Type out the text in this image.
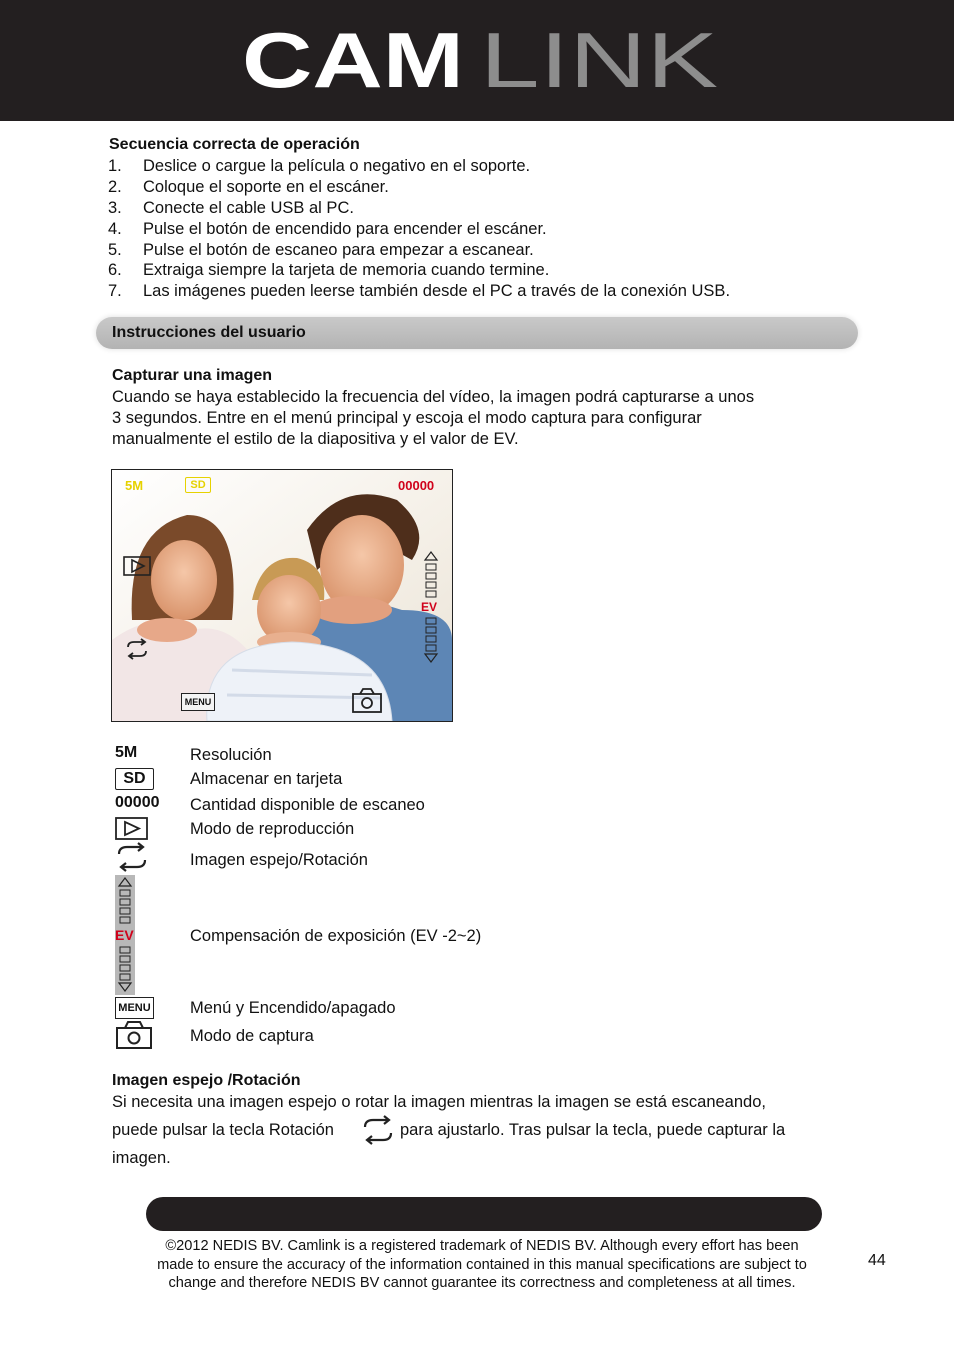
CAM LINK
Secuencia correcta de operación
1.	Deslice o cargue la película o negativo en el soporte.
2.	Coloque el soporte en el escáner.
3.	Conecte el cable USB al PC.
4.	Pulse el botón de encendido para encender el escáner.
5.	Pulse el botón de escaneo para empezar a escanear.
6.	Extraiga siempre la tarjeta de memoria cuando termine.
7.	Las imágenes pueden leerse también desde el PC a través de la conexión USB.
Instrucciones del usuario
Capturar una imagen
Cuando se haya establecido la frecuencia del vídeo, la imagen podrá capturarse a unos
3 segundos. Entre en el menú principal y escoja el modo captura para configurar
manualmente el estilo de la diapositiva y el valor de EV.
5M	SD	00000
EV
MENU
5M	Resolución
SD	Almacenar en tarjeta
00000 Cantidad disponible de escaneo
Modo de reproducción
Imagen espejo/Rotación
EV	Compensación de exposición (EV -2~2)
MENU Menú y Encendido/apagado
Modo de captura
Imagen espejo /Rotación
Si necesita una imagen espejo o rotar la imagen mientras la imagen se está escaneando,
puede pulsar la tecla Rotación	para ajustarlo. Tras pulsar la tecla, puede capturar la
imagen.
©2012 NEDIS BV. Camlink is a registered trademark of NEDIS BV. Although every effort has been
made to ensure the accuracy of the information contained in this manual specifications are subject to
change and therefore NEDIS BV cannot guarantee its correctness and completeness at all times.
44
